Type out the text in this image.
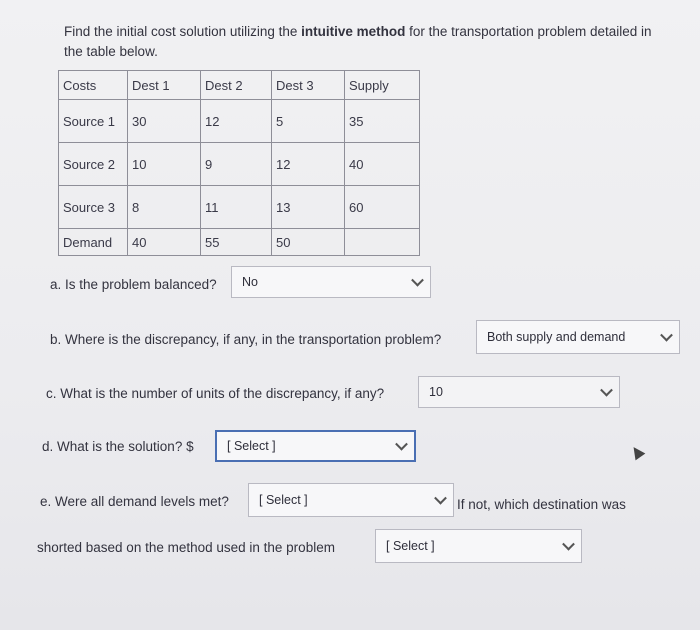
Find the initial cost solution utilizing the intuitive method for the transportation problem detailed in the table below.
Costs	Dest 1	Dest 2	Dest 3	Supply
Source 1	30	12	5	35
Source 2	10	9	12	40
Source 3	8	11	13	60
Demand	40	55	50	
a. Is the problem balanced? No
b. Where is the discrepancy, if any, in the transportation problem?	Both supply and demand
c. What is the number of units of the discrepancy, if any?	10
d. What is the solution? $	[ Select ]
e. Were all demand levels met? [ Select ]	If not, which destination was
shorted based on the method used in the problem	[ Select ]
